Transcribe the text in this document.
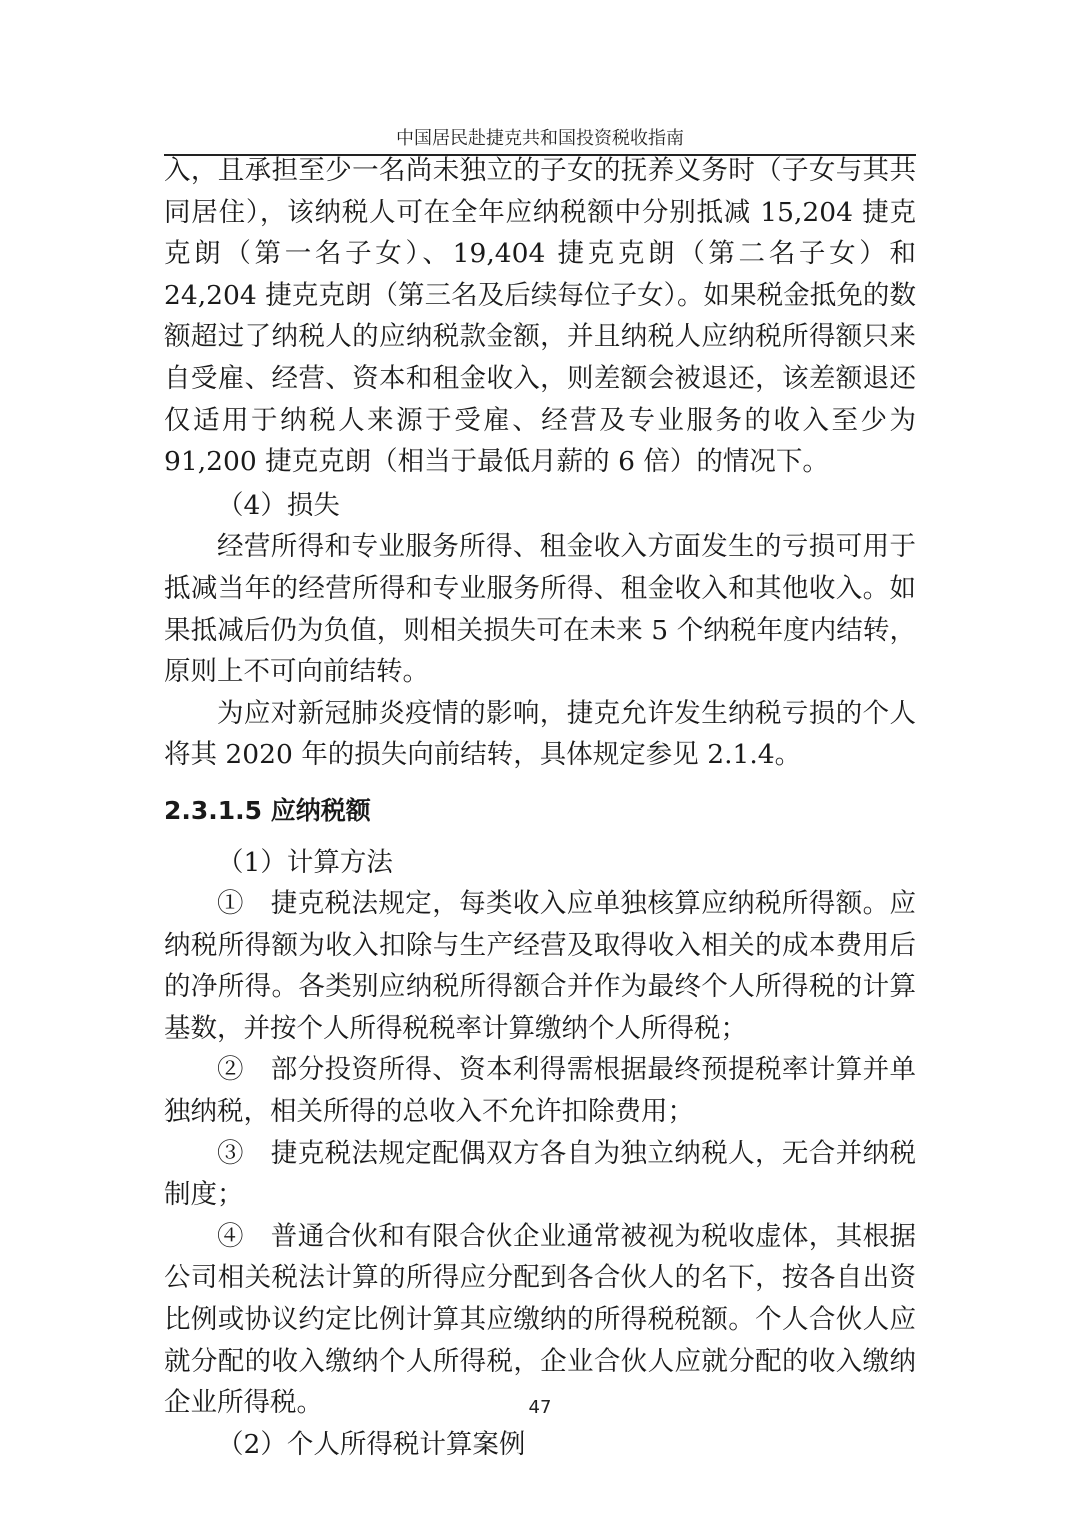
中国居民赴捷克共和国投资税收指南

入，且承担至少一名尚未独立的子女的抚养义务时（子女与其共同居住），该纳税人可在全年应纳税额中分别抵减 15,204 捷克克朗（第一名子女）、19,404 捷克克朗（第二名子女）和 24,204 捷克克朗（第三名及后续每位子女）。如果税金抵免的数额超过了纳税人的应纳税款金额，并且纳税人应纳税所得额只来自受雇、经营、资本和租金收入，则差额会被退还，该差额退还仅适用于纳税人来源于受雇、经营及专业服务的收入至少为 91,200 捷克克朗（相当于最低月薪的 6 倍）的情况下。

（4）损失

经营所得和专业服务所得、租金收入方面发生的亏损可用于抵减当年的经营所得和专业服务所得、租金收入和其他收入。如果抵减后仍为负值，则相关损失可在未来 5 个纳税年度内结转，原则上不可向前结转。

为应对新冠肺炎疫情的影响，捷克允许发生纳税亏损的个人将其 2020 年的损失向前结转，具体规定参见 2.1.4。

2.3.1.5 应纳税额

（1）计算方法

①　捷克税法规定，每类收入应单独核算应纳税所得额。应纳税所得额为收入扣除与生产经营及取得收入相关的成本费用后的净所得。各类别应纳税所得额合并作为最终个人所得税的计算基数，并按个人所得税税率计算缴纳个人所得税；

②　部分投资所得、资本利得需根据最终预提税率计算并单独纳税，相关所得的总收入不允许扣除费用；

③　捷克税法规定配偶双方各自为独立纳税人，无合并纳税制度；

④　普通合伙和有限合伙企业通常被视为税收虚体，其根据公司相关税法计算的所得应分配到各合伙人的名下，按各自出资比例或协议约定比例计算其应缴纳的所得税税额。个人合伙人应就分配的收入缴纳个人所得税，企业合伙人应就分配的收入缴纳企业所得税。

（2）个人所得税计算案例

47
